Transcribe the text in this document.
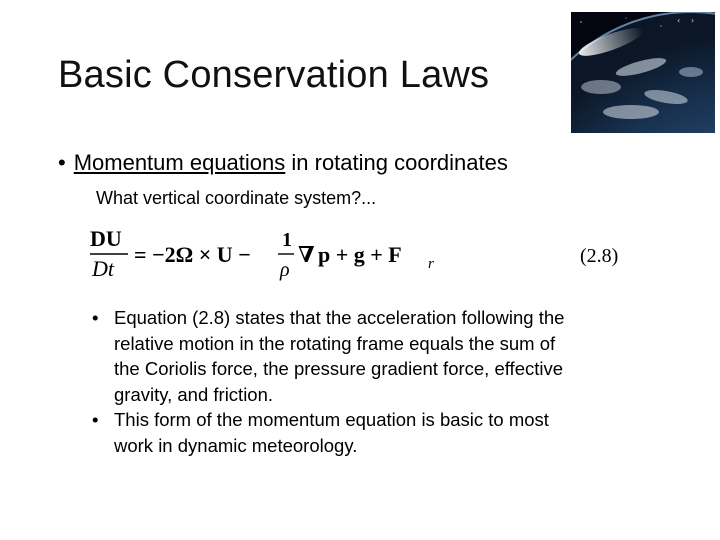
‹ ›
Basic Conservation Laws
• Momentum equations in rotating coordinates
What vertical coordinate system?...
DU
Dt
= −2Ω × U −
1
ρ
∇ p + g + F r	(2.8)
• Equation (2.8) states that the acceleration following the
relative motion in the rotating frame equals the sum of
the Coriolis force, the pressure gradient force, effective
gravity, and friction.
• This form of the momentum equation is basic to most
work in dynamic meteorology.
